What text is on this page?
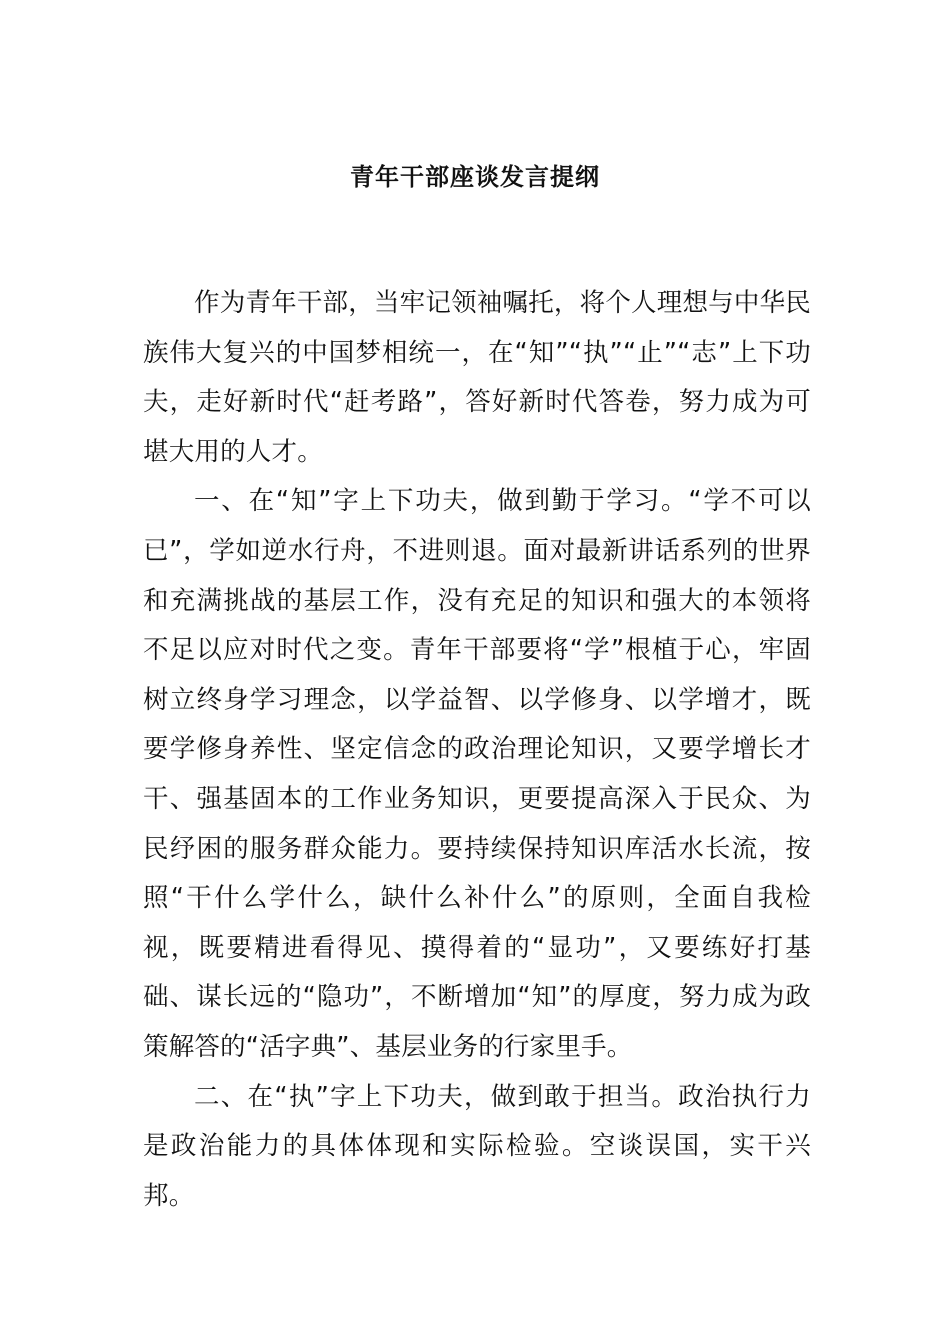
青年干部座谈发言提纲

作为青年干部，当牢记领袖嘱托，将个人理想与中华民族伟大复兴的中国梦相统一，在“知”“执”“止”“志”上下功夫，走好新时代“赶考路”，答好新时代答卷，努力成为可堪大用的人才。

一、在“知”字上下功夫，做到勤于学习。“学不可以已”，学如逆水行舟，不进则退。面对最新讲话系列的世界和充满挑战的基层工作，没有充足的知识和强大的本领将不足以应对时代之变。青年干部要将“学”根植于心，牢固树立终身学习理念，以学益智、以学修身、以学增才，既要学修身养性、坚定信念的政治理论知识，又要学增长才干、强基固本的工作业务知识，更要提高深入于民众、为民纾困的服务群众能力。要持续保持知识库活水长流，按照“干什么学什么，缺什么补什么”的原则，全面自我检视，既要精进看得见、摸得着的“显功”，又要练好打基础、谋长远的“隐功”，不断增加“知”的厚度，努力成为政策解答的“活字典”、基层业务的行家里手。

二、在“执”字上下功夫，做到敢于担当。政治执行力是政治能力的具体体现和实际检验。空谈误国，实干兴邦。
